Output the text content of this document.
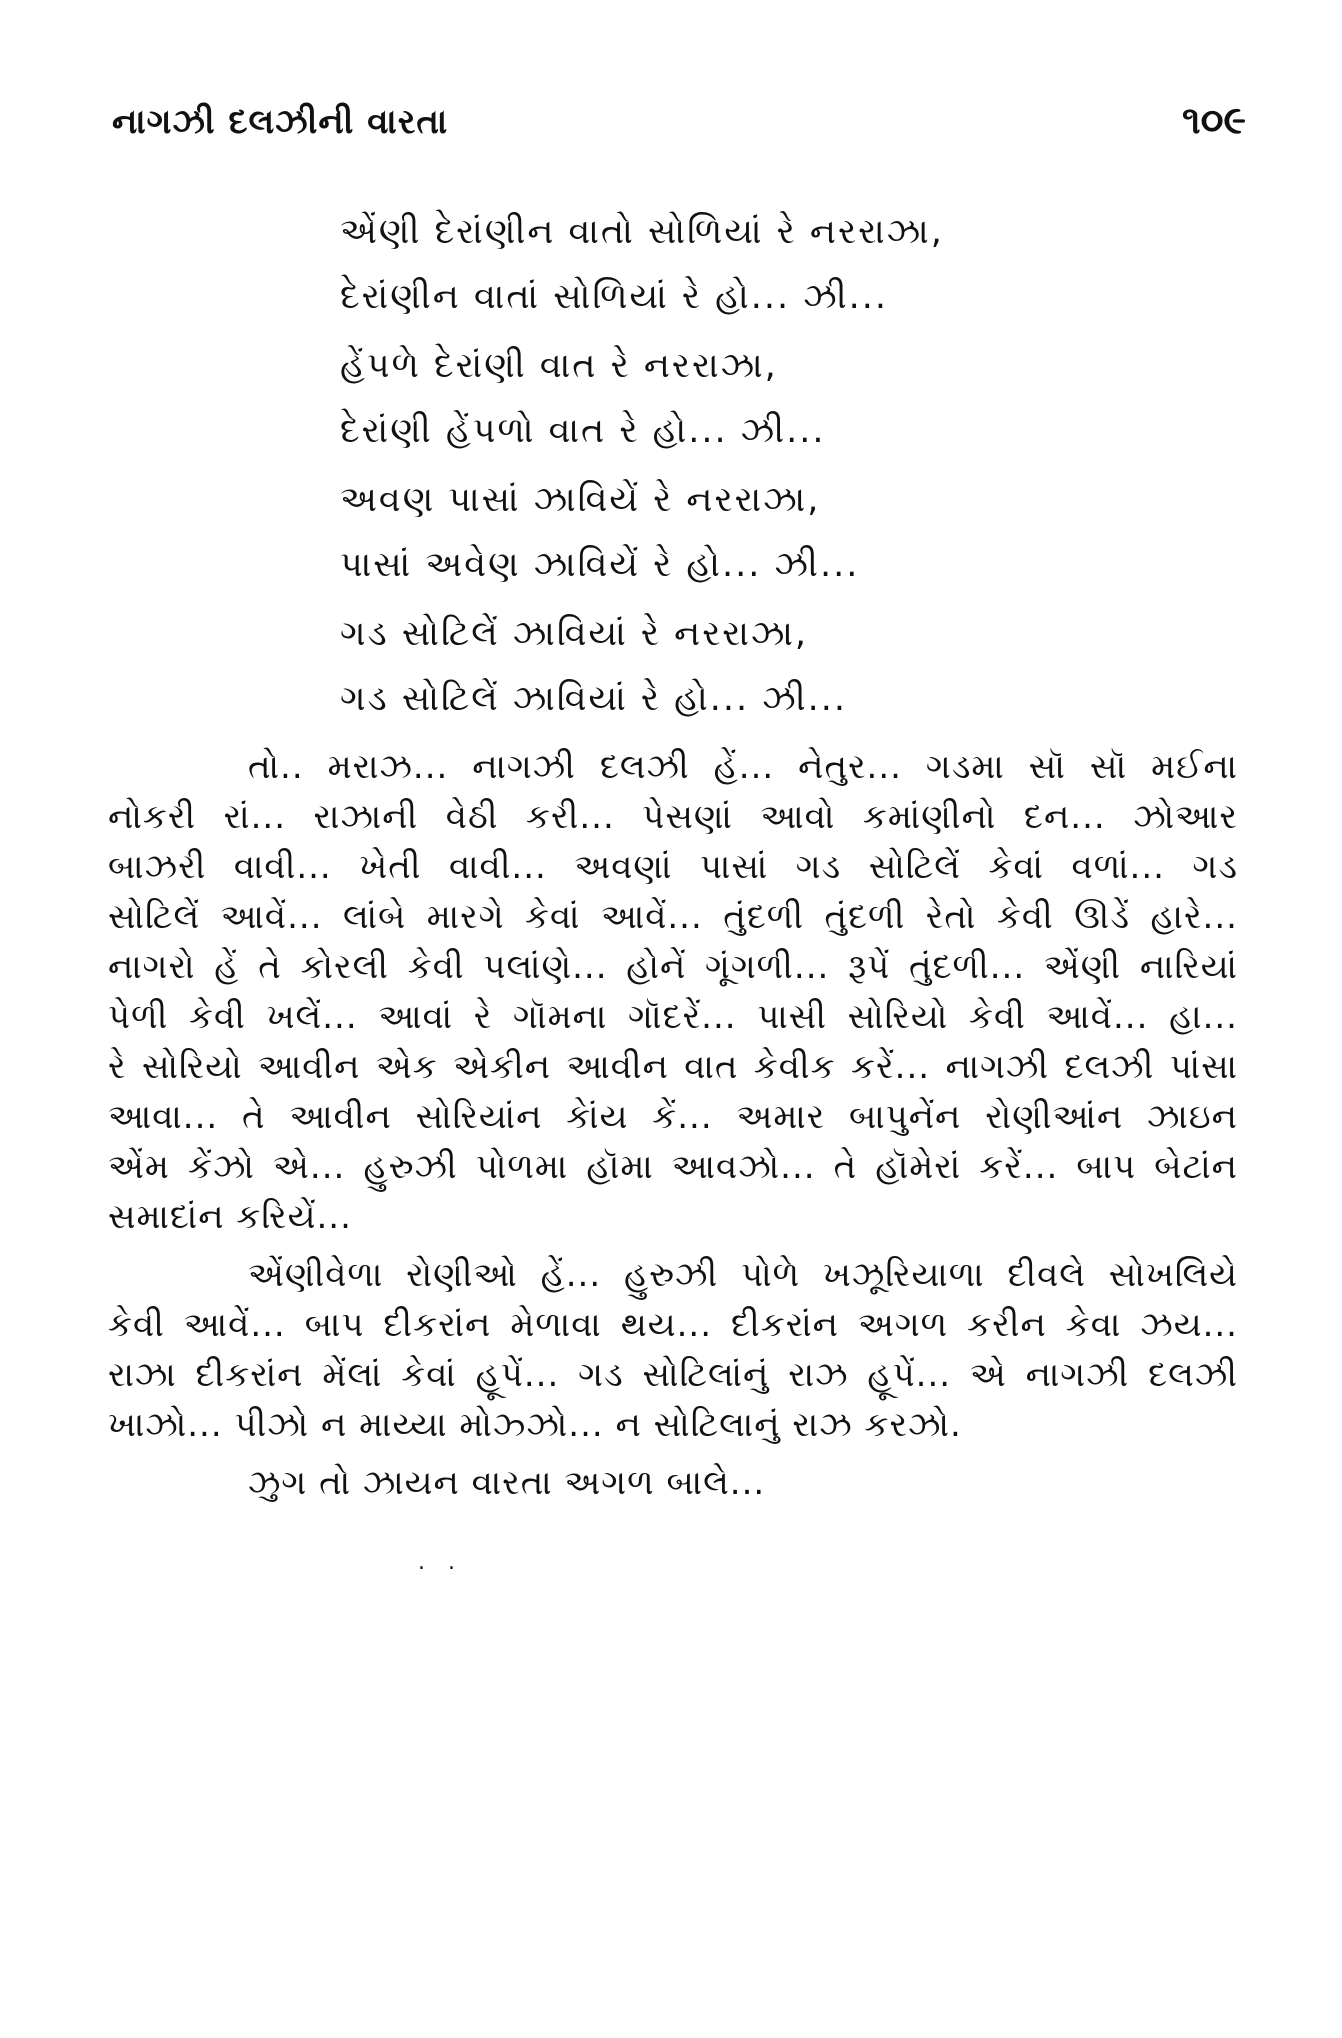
નાગઝી દલઝીની વારતા	૧૦૯
એંણી દેરાંણીન વાતો સોળિયાં રે નરરાઝા,
દેરાંણીન વાતાં સોળિયાં રે હો... ઝી...
હેંપળે દેરાંણી વાત રે નરરાઝા,
દેરાંણી હેંપળો વાત રે હો... ઝી...
અવણ પાસાં ઝાવિયેં રે નરરાઝા,
પાસાં અવેણ ઝાવિયેં રે હો... ઝી...
ગડ સોટિલેં ઝાવિયાં રે નરરાઝા,
ગડ સોટિલેં ઝાવિયાં રે હો... ઝી...
તો.. મરાઝ... નાગઝી દલઝી હેં... નેતુર... ગડમા સૉ સૉ મઈના
નોકરી રાં... રાઝાની વેઠી કરી... પેસણાં આવો કમાંણીનો દન... ઝોઆર
બાઝરી વાવી... ખેતી વાવી... અવણાં પાસાં ગડ સોટિલેં કેવાં વળાં... ગડ
સોટિલેં આવેં... લાંબે મારગે કેવાં આવેં... તુંદળી તુંદળી રેતો કેવી ઊડેં હારે...
નાગરો હેં તે કોરલી કેવી પલાંણે... હોનેં ગૂંગળી... રૂપેં તુંદળી... એંણી નારિયાં
પેળી કેવી ખલેં... આવાં રે ગૉમના ગૉદરેં... પાસી સોરિયો કેવી આવેં... હા...
રે સોરિયો આવીન એક એકીન આવીન વાત કેવીક કરેં... નાગઝી દલઝી પાંસા
આવા... તે આવીન સોરિયાંન કેાંય કેં... અમાર બાપુનેંન રોણીઆંન ઝાઇન
એંમ કેંઝો એ... હુરુઝી પોળમા હૉમા આવઝો... તે હૉમેરાં કરેં... બાપ બેટાંન
સમાદાંન કરિયેં...
એંણીવેળા રોણીઓ હેં... હુરુઝી પોળે ખઝૂરિયાળા દીવલે સોખલિયે
કેવી આવેં... બાપ દીકરાંન મેળાવા થય... દીકરાંન અગળ કરીન કેવા ઝય...
રાઝા દીકરાંન મેંલાં કેવાં હૂપેં... ગડ સોટિલાંનું રાઝ હૂપેં... એ નાગઝી દલઝી
ખાઝો... પીઝો ન માય્યા મોઝ્ઝો... ન સોટિલાનું રાઝ કરઝો.
ઝુગ તો ઝાયન વારતા અગળ બાલે...
. .
